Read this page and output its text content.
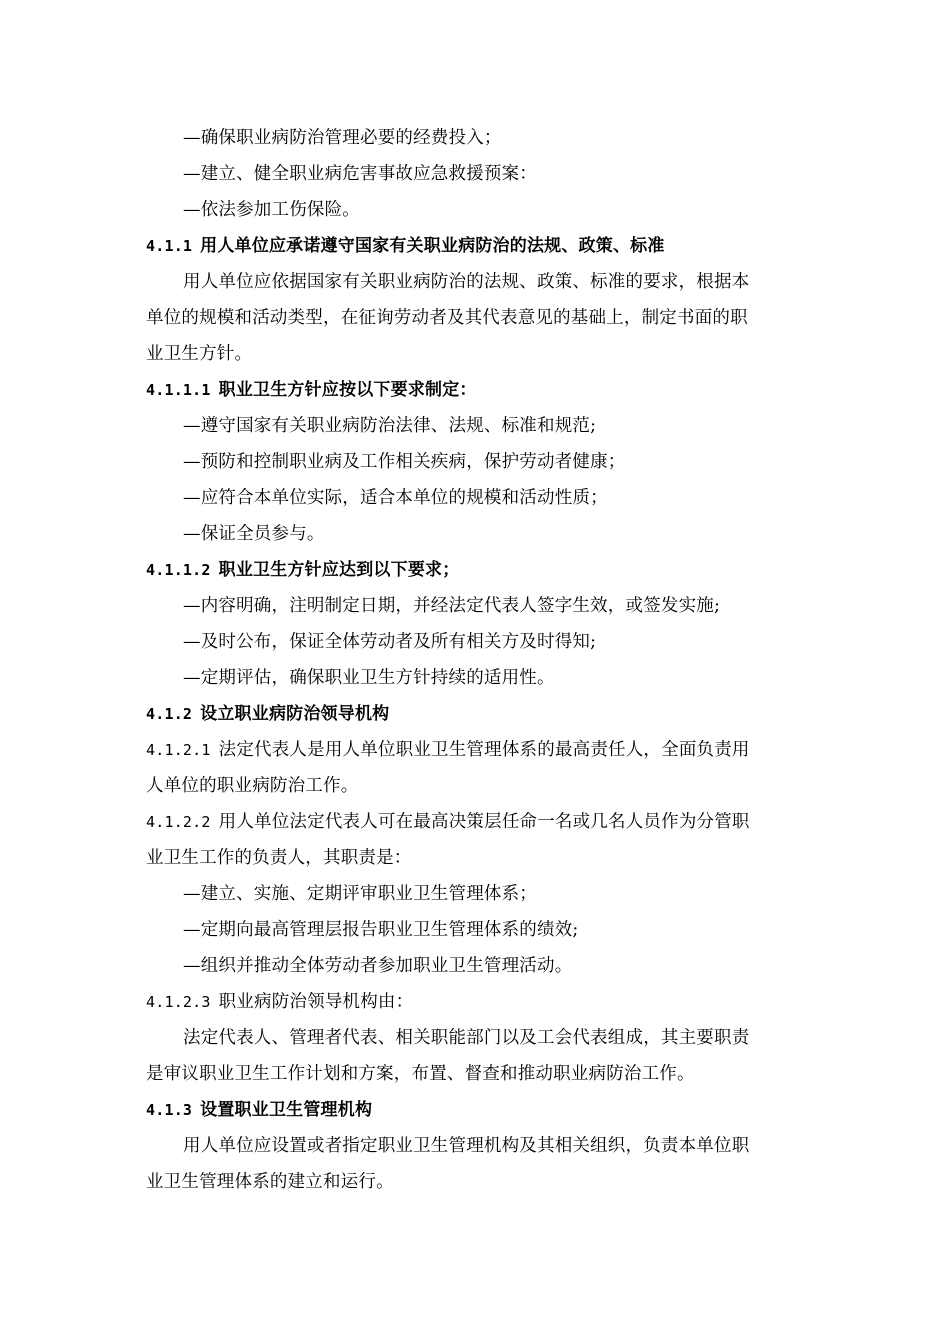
—确保职业病防治管理必要的经费投入；
—建立、健全职业病危害事故应急救援预案：
—依法参加工伤保险。
4.1.1 用人单位应承诺遵守国家有关职业病防治的法规、政策、标准
用人单位应依据国家有关职业病防治的法规、政策、标准的要求，根据本
单位的规模和活动类型，在征询劳动者及其代表意见的基础上，制定书面的职
业卫生方针。
4.1.1.1 职业卫生方针应按以下要求制定：
—遵守国家有关职业病防治法律、法规、标准和规范;
—预防和控制职业病及工作相关疾病，保护劳动者健康；
—应符合本单位实际，适合本单位的规模和活动性质；
—保证全员参与。
4.1.1.2 职业卫生方针应达到以下要求；
—内容明确，注明制定日期，并经法定代表人签字生效，或签发实施;
—及时公布，保证全体劳动者及所有相关方及时得知;
—定期评估，确保职业卫生方针持续的适用性。
4.1.2 设立职业病防治领导机构
4.1.2.1 法定代表人是用人单位职业卫生管理体系的最高责任人，全面负责用
人单位的职业病防治工作。
4.1.2.2 用人单位法定代表人可在最高决策层任命一名或几名人员作为分管职
业卫生工作的负责人，其职责是：
—建立、实施、定期评审职业卫生管理体系；
—定期向最高管理层报告职业卫生管理体系的绩效;
—组织并推动全体劳动者参加职业卫生管理活动。
4.1.2.3 职业病防治领导机构由：
法定代表人、管理者代表、相关职能部门以及工会代表组成，其主要职责
是审议职业卫生工作计划和方案，布置、督查和推动职业病防治工作。
4.1.3 设置职业卫生管理机构
用人单位应设置或者指定职业卫生管理机构及其相关组织，负责本单位职
业卫生管理体系的建立和运行。
